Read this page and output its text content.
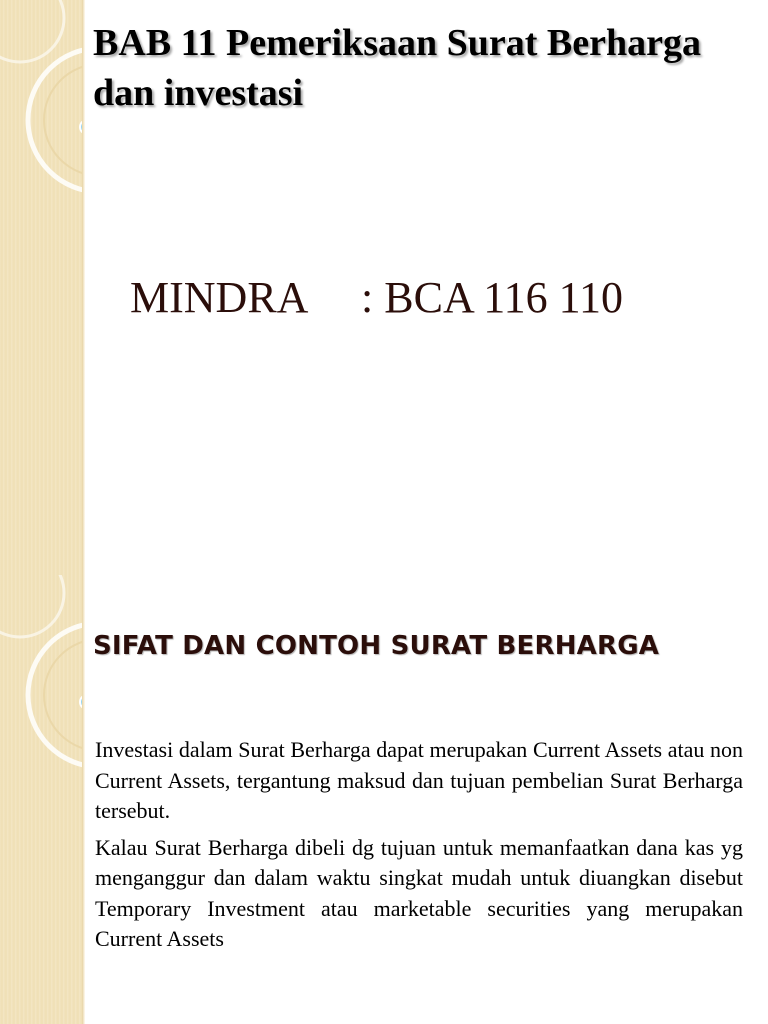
BAB 11 Pemeriksaan Surat Berharga dan investasi
MINDRA     : BCA 116 110
SIFAT DAN CONTOH SURAT BERHARGA

Investasi dalam Surat Berharga dapat merupakan Current Assets atau non Current Assets, tergantung maksud dan tujuan pembelian Surat Berharga tersebut.

Kalau Surat Berharga dibeli dg tujuan untuk memanfaatkan dana kas yg menganggur dan dalam waktu singkat mudah untuk diuangkan disebut Temporary Investment atau marketable securities yang merupakan Current Assets
